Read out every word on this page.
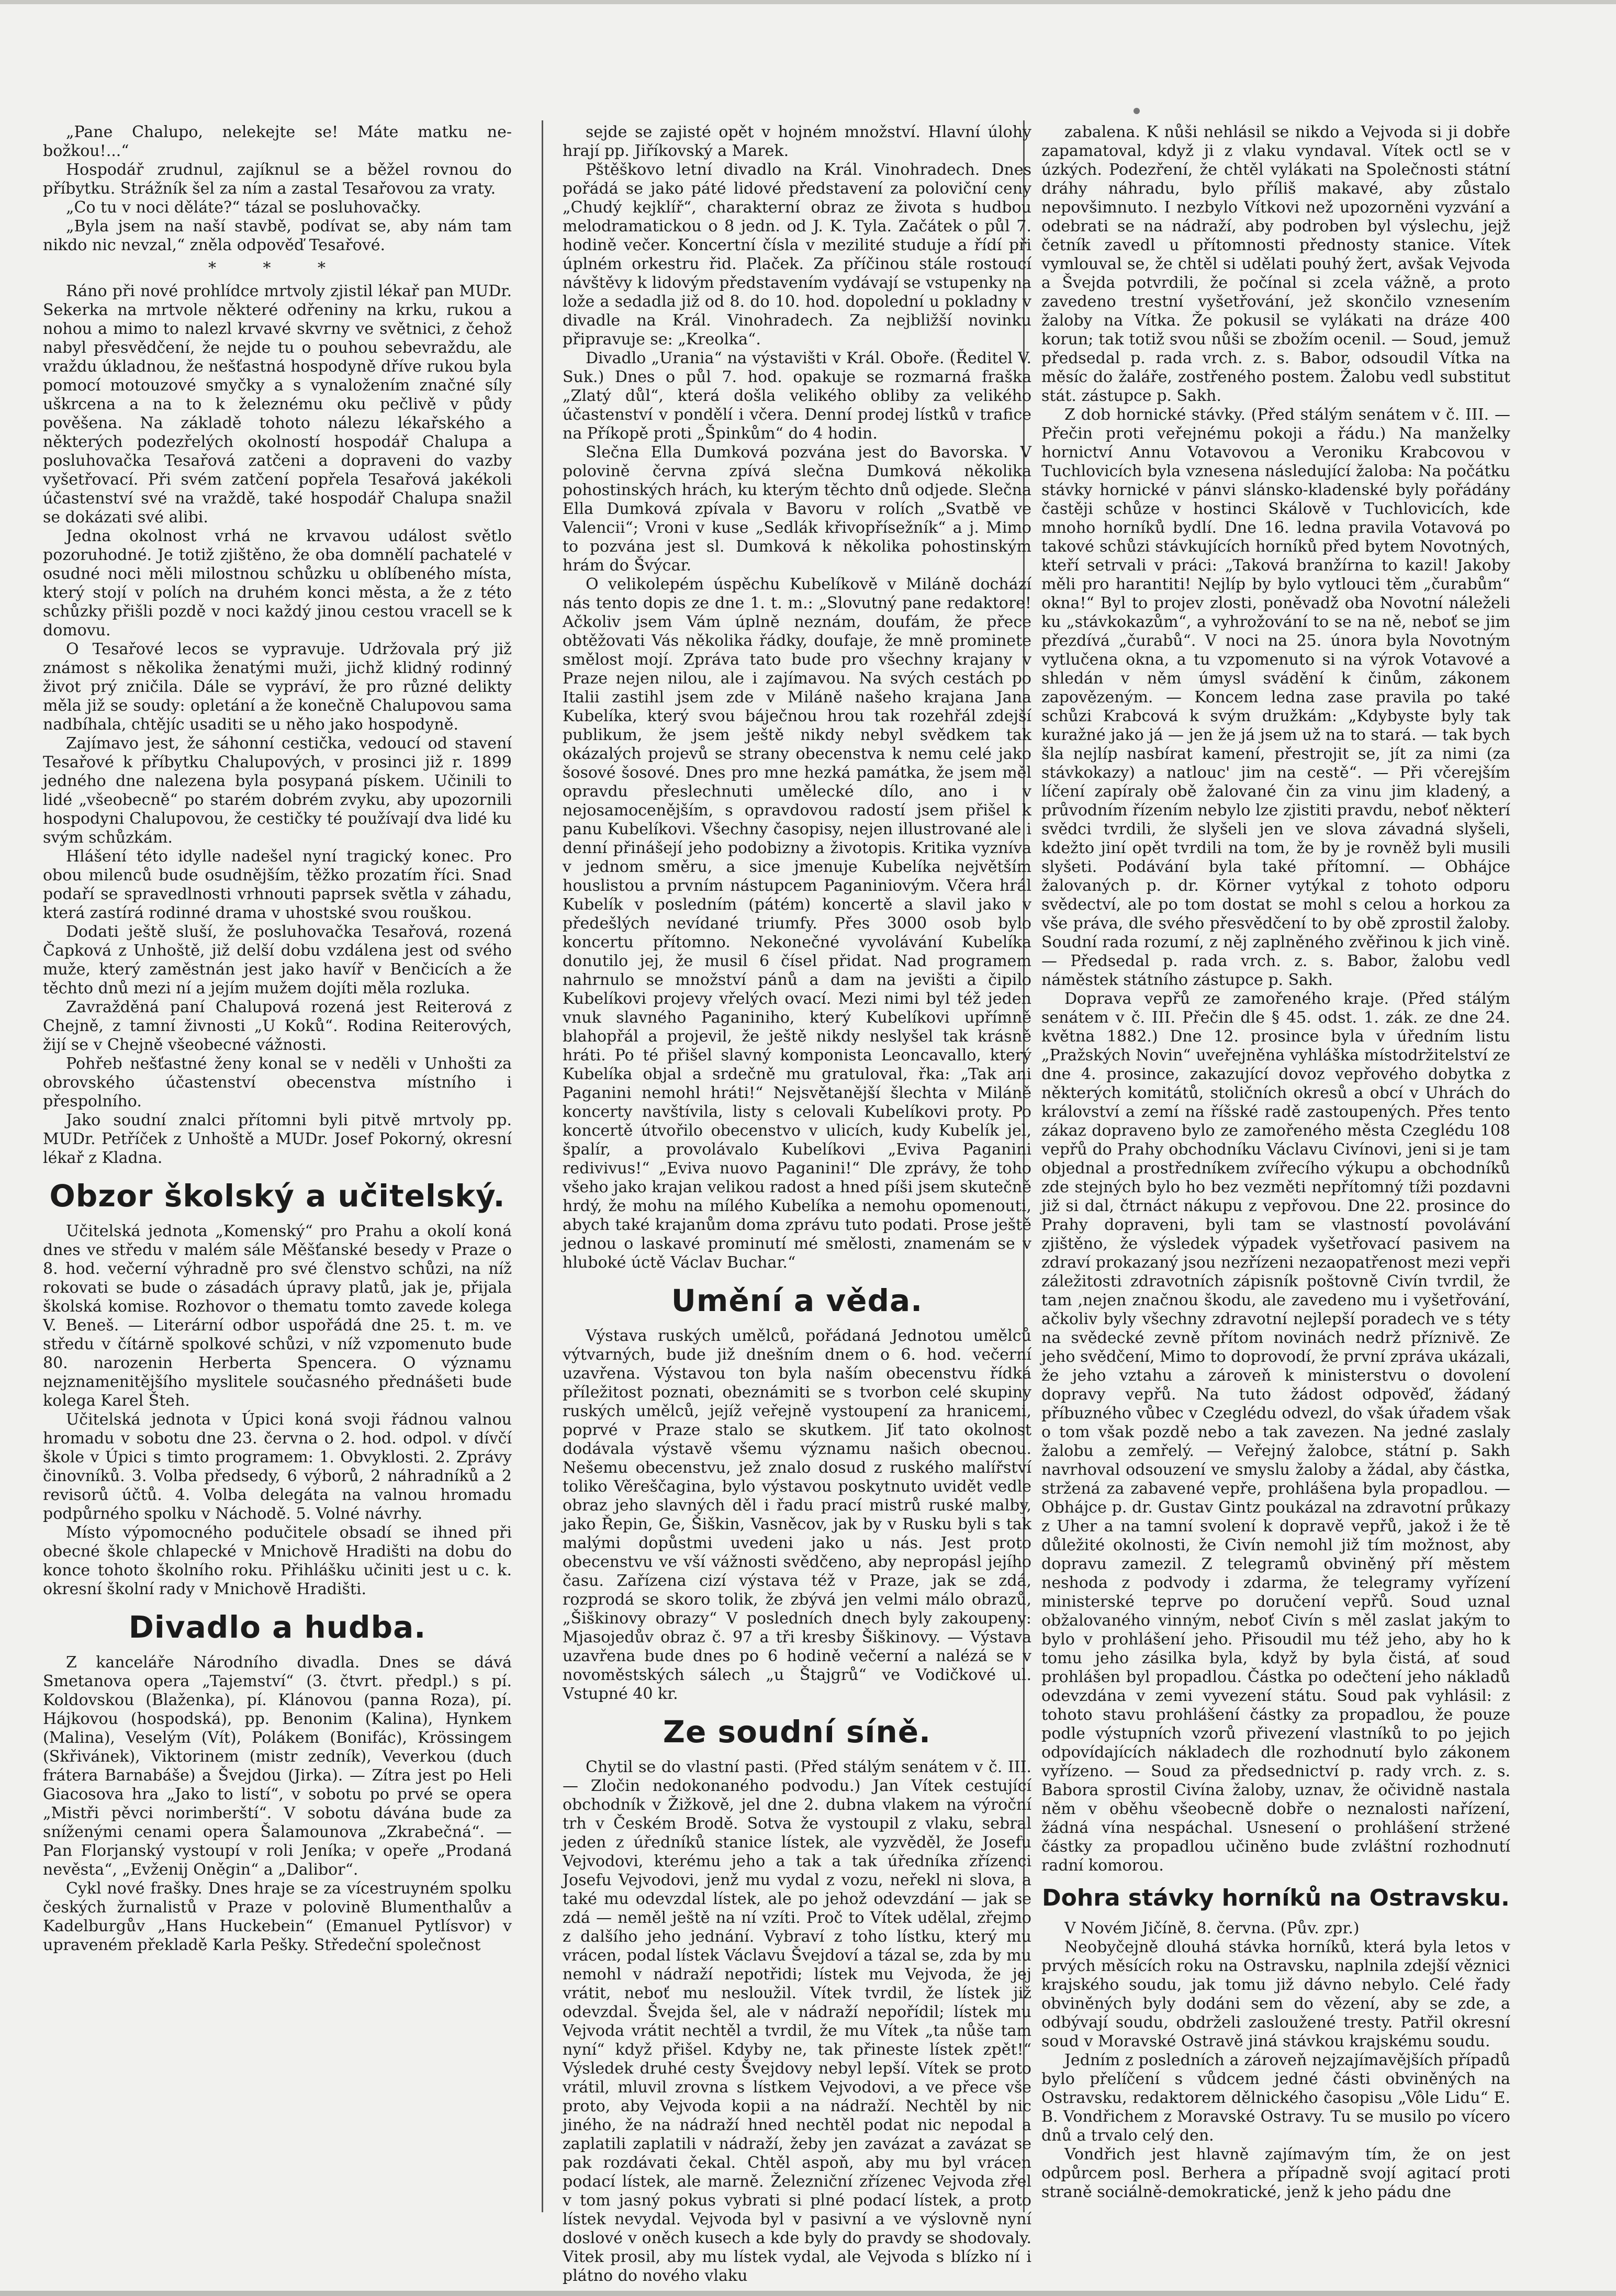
„Pane Chalupo, nelekejte se! Máte matku ne-božkou!...“

Hospodář zrudnul, zajíknul se a běžel rovnou do příbytku. Strážník šel za ním a zastal Tesařovou za vraty.

„Co tu v noci děláte?“ tázal se posluhovačky.

„Byla jsem na naší stavbě, podívat se, aby nám tam nikdo nic nevzal,“ zněla odpověď Tesařové.

* * *

Ráno při nové prohlídce mrtvoly zjistil lékař pan MUDr. Sekerka na mrtvole některé odřeniny na krku, rukou a nohou a mimo to nalezl krvavé skvrny ve světnici, z čehož nabyl přesvědčení, že nejde tu o pouhou sebevraždu, ale vraždu úkladnou, že nešťastná hospodyně dříve rukou byla pomocí motouzové smyčky a s vynaložením značné síly uškrcena a na to k železnému oku pečlivě v půdy pověšena. Na základě tohoto nálezu lékařského a některých podezřelých okolností hospodář Chalupa a posluhovačka Tesařová zatčeni a dopraveni do vazby vyšetřovací. Při svém zatčení popřela Tesařová jakékoli účastenství své na vraždě, také hospodář Chalupa snažil se dokázati své alibi.

Jedna okolnost vrhá ne krvavou událost světlo pozoruhodné. Je totiž zjištěno, že oba domnělí pachatelé v osudné noci měli milostnou schůzku u oblíbeného místa, který stojí v polích na druhém konci města, a že z této schůzky přišli pozdě v noci každý jinou cestou vracell se k domovu.

O Tesařové lecos se vypravuje. Udržovala prý již známost s několika ženatými muži, jichž klidný rodinný život prý zničila. Dále se vypráví, že pro různé delikty měla již se soudy: opletání a že konečně Chalupovou sama nadbíhala, chtějíc usaditi se u něho jako hospodyně.

Zajímavo jest, že sáhonní cestička, vedoucí od stavení Tesařové k příbytku Chalupových, v prosinci již r. 1899 jedného dne nalezena byla posypaná pískem. Učinili to lidé „všeobecně“ po starém dobrém zvyku, aby upozornili hospodyni Chalupovou, že cestičky té používají dva lidé ku svým schůzkám.

Hlášení této idylle nadešel nyní tragický konec. Pro obou milenců bude osudnějším, těžko prozatím říci. Snad podaří se spravedlnosti vrhnouti paprsek světla v záhadu, která zastírá rodinné drama v uhostské svou rouškou.

Dodati ještě sluší, že posluhovačka Tesařová, rozená Čapková z Unhoště, již delší dobu vzdálena jest od svého muže, který zaměstnán jest jako havíř v Benčicích a že těchto dnů mezi ní a jejím mužem dojíti měla rozluka.

Zavražděná paní Chalupová rozená jest Reiterová z Chejně, z tamní živnosti „U Koků“. Rodina Reiterových, žijí se v Chejně všeobecné vážnosti.

Pohřeb nešťastné ženy konal se v neděli v Unhošti za obrovského účastenství obecenstva místního i přespolního.

Jako soudní znalci přítomni byli pitvě mrtvoly pp. MUDr. Petříček z Unhoště a MUDr. Josef Pokorný, okresní lékař z Kladna.

Obzor školský a učitelský.

Učitelská jednota „Komenský“ pro Prahu a okolí koná dnes ve středu v malém sále Měšťanské besedy v Praze o 8. hod. večerní výhradně pro své členstvo schůzi, na níž rokovati se bude o zásadách úpravy platů, jak je, přijala školská komise. Rozhovor o thematu tomto zavede kolega V. Beneš. — Literární odbor uspořádá dne 25. t. m. ve středu v čítárně spolkové schůzi, v níž vzpomenuto bude 80. narozenin Herberta Spencera. O významu nejznamenitějšího myslitele současného přednášeti bude kolega Karel Šteh.

Učitelská jednota v Úpici koná svoji řádnou valnou hromadu v sobotu dne 23. června o 2. hod. odpol. v dívčí škole v Úpici s timto programem: 1. Obvyklosti. 2. Zprávy činovníků. 3. Volba předsedy, 6 výborů, 2 náhradníků a 2 revisorů účtů. 4. Volba delegáta na valnou hromadu podpůrného spolku v Náchodě. 5. Volné návrhy.

Místo výpomocného podučitele obsadí se ihned při obecné škole chlapecké v Mnichově Hradišti na dobu do konce tohoto školního roku. Přihlášku učiniti jest u c. k. okresní školní rady v Mnichově Hradišti.

Divadlo a hudba.

Z kanceláře Národního divadla. Dnes se dává Smetanova opera „Tajemství“ (3. čtvrt. předpl.) s pí. Koldovskou (Blaženka), pí. Klánovou (panna Roza), pí. Hájkovou (hospodská), pp. Benonim (Kalina), Hynkem (Malina), Veselým (Vít), Polákem (Bonifác), Krössingem (Skřivánek), Viktorinem (mistr zedník), Veverkou (duch frátera Barnabáše) a Švejdou (Jirka). — Zítra jest po Heli Giacosova hra „Jako to listí“, v sobotu po prvé se opera „Mistři pěvci norimberští“. V sobotu dávána bude za sníženými cenami opera Šalamounova „Zkrabečná“. — Pan Florjanský vystoupí v roli Jeníka; v opeře „Prodaná nevěsta“, „Evženij Oněgin“ a „Dalibor“.

Cykl nové frašky. Dnes hraje se za vícestruyném spolku českých žurnalistů v Praze v polovině Blumenthalův a Kadelburgův „Hans Huckebein“ (Emanuel Pytlísvor) v upraveném překladě Karla Pešky. Středeční společnost

sejde se zajisté opět v hojném množství. Hlavní úlohy hrají pp. Jiříkovský a Marek.

Pštěškovo letní divadlo na Král. Vinohradech. Dnes pořádá se jako páté lidové představení za poloviční ceny „Chudý kejklíř“, charakterní obraz ze života s hudbou melodramatickou o 8 jedn. od J. K. Tyla. Začátek o půl 7. hodině večer. Koncertní čísla v mezilité studuje a řídí při úplném orkestru řid. Plaček. Za příčinou stále rostoucí návštěvy k lidovým představením vydávají se vstupenky na lože a sedadla již od 8. do 10. hod. dopolední u pokladny v divadle na Král. Vinohradech. Za nejbližší novinku připravuje se: „Kreolka“.

Divadlo „Urania“ na výstavišti v Král. Oboře. (Ředitel V. Suk.) Dnes o půl 7. hod. opakuje se rozmarná fraška „Zlatý důl“, která došla velikého obliby za velikého účastenství v pondělí i včera. Denní prodej lístků v trafice na Příkopě proti „Špinkům“ do 4 hodin.

Slečna Ella Dumková pozvána jest do Bavorska. V polovině června zpívá slečna Dumková několika pohostinských hrách, ku kterým těchto dnů odjede. Slečna Ella Dumková zpívala v Bavoru v rolích „Svatbě ve Valencii“; Vroni v kuse „Sedlák křivopřísežník“ a j. Mimo to pozvána jest sl. Dumková k několika pohostinským hrám do Švýcar.

O velikolepém úspěchu Kubelíkově v Miláně dochází nás tento dopis ze dne 1. t. m.: „Slovutný pane redaktore! Ačkoliv jsem Vám úplně neznám, doufám, že přece obtěžovati Vás několika řádky, doufaje, že mně prominete smělost mojí. Zpráva tato bude pro všechny krajany v Praze nejen nilou, ale i zajímavou. Na svých cestách po Italii zastihl jsem zde v Miláně našeho krajana Jana Kubelíka, který svou báječnou hrou tak rozehřál zdejší publikum, že jsem ještě nikdy nebyl svědkem tak okázalých projevů se strany obecenstva k nemu celé jako šosové šosové. Dnes pro mne hezká památka, že jsem měl opravdu přeslechnuti umělecké dílo, ano i v nejosamocenějším, s opravdovou radostí jsem přišel k panu Kubelíkovi. Všechny časopisy, nejen illustrované ale i denní přinášejí jeho podobizny a životopis. Kritika vyzníva v jednom směru, a sice jmenuje Kubelíka největším houslistou a prvním nástupcem Paganiniovým. Včera hrál Kubelík v posledním (pátém) koncertě a slavil jako v předešlých nevídané triumfy. Přes 3000 osob bylo koncertu přítomno. Nekonečné vyvolávání Kubelíka donutilo jej, že musil 6 čísel přidat. Nad programem nahrnulo se množství pánů a dam na jevišti a čipilo Kubelíkovi projevy vřelých ovací. Mezi nimi byl též jeden vnuk slavného Paganiniho, který Kubelíkovi upřímně blahopřál a projevil, že ještě nikdy neslyšel tak krásně hráti. Po té přišel slavný komponista Leoncavallo, který Kubelíka objal a srdečně mu gratuloval, řka: „Tak ani Paganini nemohl hráti!“ Nejsvětanější šlechta v Miláně koncerty navštívila, listy s celovali Kubelíkovi proty. Po koncertě útvořilo obecenstvo v ulicích, kudy Kubelík jel, špalír, a provolávalo Kubelíkovi „Eviva Paganini redivivus!“ „Eviva nuovo Paganini!“ Dle zprávy, že toho všeho jako krajan velikou radost a hned píši jsem skutečně hrdý, že mohu na mílého Kubelíka a nemohu opomenouti, abych také krajanům doma zprávu tuto podati. Prose ještě jednou o laskavé prominutí mé smělosti, znamenám se v hluboké úctě Václav Buchar.“

Umění a věda.

Výstava ruských umělců, pořádaná Jednotou umělců výtvarných, bude již dnešním dnem o 6. hod. večerní uzavřena. Výstavou ton byla naším obecenstvu řídká příležitost poznati, obeznámiti se s tvorbon celé skupiny ruských umělců, jejíž veřejně vystoupení za hranicemi, poprvé v Praze stalo se skutkem. Jiť tato okolnost dodávala výstavě všemu významu našich obecnou. Nešemu obecenstvu, jež znalo dosud z ruského malířství toliko Věreščagina, bylo výstavou poskytnuto uvidět vedle obraz jeho slavných děl i řadu prací mistrů ruské malby, jako Řepin, Ge, Šiškin, Vasněcov, jak by v Rusku byli s tak malými dopůstmi uvedeni jako u nás. Jest proto obecenstvu ve vší vážnosti svědčeno, aby nepropásl jejího času. Zařízena cizí výstava též v Praze, jak se zdá, rozprodá se skoro tolik, že zbývá jen velmi málo obrazů, „Šiškinovy obrazy“ V posledních dnech byly zakoupeny: Mjasojedův obraz č. 97 a tři kresby Šiškinovy. — Výstava uzavřena bude dnes po 6 hodině večerní a nalézá se v novoměstských sálech „u Štajgrů“ ve Vodičkové ul. Vstupné 40 kr.

Ze soudní síně.

Chytil se do vlastní pasti. (Před stálým senátem v č. III. — Zločin nedokonaného podvodu.) Jan Vítek cestující obchodník v Žižkově, jel dne 2. dubna vlakem na výroční trh v Českém Brodě. Sotva že vystoupil z vlaku, sebral jeden z úředníků stanice lístek, ale vyzvěděl, že Josefu Vejvodovi, kterému jeho a tak a tak úředníka zřízenci Josefu Vejvodovi, jenž mu vydal z vozu, neřekl ni slova, a také mu odevzdal lístek, ale po jehož odevzdání — jak se zdá — neměl ještě na ní vzíti. Proč to Vítek udělal, zřejmo z dalšího jeho jednání. Vybraví z toho lístku, který mu vrácen, podal lístek Václavu Švejdoví a tázal se, zda by mu nemohl v nádraží nepotřidi; lístek mu Vejvoda, že jej vrátit, neboť mu nesloužil. Vítek tvrdil, že lístek již odevzdal. Švejda šel, ale v nádraží nepořídil; lístek mu Vejvoda vrátit nechtěl a tvrdil, že mu Vítek „ta nůše tam nyní“ když přišel. Kdyby ne, tak přineste lístek zpět!“ Výsledek druhé cesty Švejdovy nebyl lepší. Vítek se proto vrátil, mluvil zrovna s lístkem Vejvodovi, a ve přece vše proto, aby Vejvoda kopii a na nádraží. Nechtěl by nic jiného, že na nádraží hned nechtěl podat nic nepodal a zaplatili zaplatili v nádraží, žeby jen zavázat a zavázat se pak rozdávati čekal. Chtěl aspoň, aby mu byl vrácen podací lístek, ale marně. Železniční zřízenec Vejvoda zřel v tom jasný pokus vybrati si plné podací lístek, a proto lístek nevydal. Vejvoda byl v pasivní a ve výslovně nyní doslové v oněch kusech a kde byly do pravdy se shodovaly. Vitek prosil, aby mu lístek vydal, ale Vejvoda s blízko ní i plátno do nového vlaku

zabalena. K nůši nehlásil se nikdo a Vejvoda si ji dobře zapamatoval, když ji z vlaku vyndaval. Vítek octl se v úzkých. Podezření, že chtěl vylákati na Společnosti státní dráhy náhradu, bylo příliš makavé, aby zůstalo nepovšimnuto. I nezbylo Vítkovi než upozorněni vyzvání a odebrati se na nádraží, aby podroben byl výslechu, jejž četník zavedl u přítomnosti přednosty stanice. Vítek vymlouval se, že chtěl si udělati pouhý žert, avšak Vejvoda a Švejda potvrdili, že počínal si zcela vážně, a proto zavedeno trestní vyšetřování, jež skončilo vznesením žaloby na Vítka. Že pokusil se vylákati na dráze 400 korun; tak totiž svou nůši se zbožím ocenil. — Soud, jemuž předsedal p. rada vrch. z. s. Babor, odsoudil Vítka na měsíc do žaláře, zostřeného postem. Žalobu vedl substitut stát. zástupce p. Sakh.

Z dob hornické stávky. (Před stálým senátem v č. III. — Přečin proti veřejnému pokoji a řádu.) Na manželky hornictví Annu Votavovou a Veroniku Krabcovou v Tuchlovicích byla vznesena následující žaloba: Na počátku stávky hornické v pánvi slánsko-kladenské byly pořádány častěji schůze v hostinci Skálově v Tuchlovicích, kde mnoho horníků bydlí. Dne 16. ledna pravila Votavová po takové schůzi stávkujících horníků před bytem Novotných, kteří setrvali v práci: „Taková branžírna to kazil! Jakoby měli pro harantiti! Nejlíp by bylo vytlouci těm „čurabům“ okna!“ Byl to projev zlosti, poněvadž oba Novotní náleželi ku „stávkokazům“, a vyhrožování to se na ně, neboť se jim přezdívá „čurabů“. V noci na 25. února byla Novotným vytlučena okna, a tu vzpomenuto si na výrok Votavové a shledán v něm úmysl svádění k činům, zákonem zapovězeným. — Koncem ledna zase pravila po také schůzi Krabcová k svým družkám: „Kdybyste byly tak kuražné jako já — jen že já jsem už na to stará. — tak bych šla nejlíp nasbírat kamení, přestrojit se, jít za nimi (za stávkokazy) a natlouc' jim na cestě“. — Při včerejším líčení zapíraly obě žalované čin za vinu jim kladený, a průvodním řízením nebylo lze zjistiti pravdu, neboť některí svědci tvrdili, že slyšeli jen ve slova závadná slyšeli, kdežto jiní opět tvrdili na tom, že by je rovněž byli musili slyšeti. Podávání byla také přítomní. — Obhájce žalovaných p. dr. Körner vytýkal z tohoto odporu svědectví, ale po tom dostat se mohl s celou a horkou za vše práva, dle svého přesvědčení to by obě zprostil žaloby. Soudní rada rozumí, z něj zaplněného zvěřinou k jich vině. — Předsedal p. rada vrch. z. s. Babor, žalobu vedl náměstek státního zástupce p. Sakh.

Doprava vepřů ze zamořeného kraje. (Před stálým senátem v č. III. Přečin dle § 45. odst. 1. zák. ze dne 24. května 1882.) Dne 12. prosince byla v úředním listu „Pražských Novin“ uveřejněna vyhláška místodržitelství ze dne 4. prosince, zakazující dovoz vepřového dobytka z některých komitátů, stoličních okresů a obcí v Uhrách do království a zemí na říšské radě zastoupených. Přes tento zákaz dopraveno bylo ze zamořeného města Czeglédu 108 vepřů do Prahy obchodníku Václavu Civínovi, jeni si je tam objednal a prostředníkem zvířecího výkupu a obchodníků zde stejných bylo ho bez vezměti nepřítomný tíži pozdavni již si dal, čtrnáct nákupu z vepřovou. Dne 22. prosince do Prahy dopraveni, byli tam se vlastností povolávání zjištěno, že výsledek výpadek vyšetřovací pasivem na zdraví prokazaný jsou nezřízeni nezaopatřenost mezi vepři záležitosti zdravotních zápisník poštovně Civín tvrdil, že tam ‚nejen značnou škodu, ale zavedeno mu i vyšetřování, ačkoliv byly všechny zdravotní nejlepší poradech ve s téty na svědecké zevně přítom novinách nedrž příznivě. Ze jeho svědčení, Mimo to doprovodí, že první zpráva ukázali, že jeho vztahu a zároveň k ministerstvu o dovolení dopravy vepřů. Na tuto žádost odpověď, žádaný příbuzného vůbec v Czeglédu odvezl, do však úřadem však o tom však pozdě nebo a tak zavezen. Na jedné zaslaly žalobu a zemřelý. — Veřejný žalobce, státní p. Sakh navrhoval odsouzení ve smyslu žaloby a žádal, aby částka, stržená za zabavené vepře, prohlášena byla propadlou. — Obhájce p. dr. Gustav Gintz poukázal na zdravotní průkazy z Uher a na tamní svolení k dopravě vepřů, jakož i že tě důležité okolnosti, že Civín nemohl již tím možnost, aby dopravu zamezil. Z telegramů obviněný pří městem neshoda z podvody i zdarma, že telegramy vyřízení ministerské teprve po doručení vepřů. Soud uznal obžalovaného vinným, neboť Civín s měl zaslat jakým to bylo v prohlášení jeho. Přisoudil mu též jeho, aby ho k tomu jeho zásilka byla, když by byla čistá, ať soud prohlášen byl propadlou. Částka po odečtení jeho nákladů odevzdána v zemi vyvezení státu. Soud pak vyhlásil: z tohoto stavu prohlášení částky za propadlou, že pouze podle výstupních vzorů přivezení vlastníků to po jejich odpovídajících nákladech dle rozhodnutí bylo zákonem vyřízeno. — Soud za předsednictví p. rady vrch. z. s. Babora sprostil Civína žaloby, uznav, že očividně nastala něm v oběhu všeobecně dobře o neznalosti nařízení, žádná vína nespáchal. Usnesení o prohlášení stržené částky za propadlou učiněno bude zvláštní rozhodnutí radní komorou.

Dohra stávky horníků na Ostravsku.

V Novém Jičíně, 8. června. (Pův. zpr.)

Neobyčejně dlouhá stávka horníků, která byla letos v prvých měsících roku na Ostravsku, naplnila zdejší věznici krajského soudu, jak tomu již dávno nebylo. Celé řady obviněných byly dodáni sem do vězení, aby se zde, a odbývají soudu, obdrželi zasloužené tresty. Patřil okresní soud v Moravské Ostravě jiná stávkou krajskému soudu.

Jedním z posledních a zároveň nejzajímavějších případů bylo přelíčení s vůdcem jedné části obviněných na Ostravsku, redaktorem dělnického časopisu „Vôle Lidu“ E. B. Vondřichem z Moravské Ostravy. Tu se musilo po vícero dnů a trvalo celý den.

Vondřich jest hlavně zajímavým tím, že on jest odpůrcem posl. Berhera a případně svojí agitací proti straně sociálně-demokratické, jenž k jeho pádu dne
